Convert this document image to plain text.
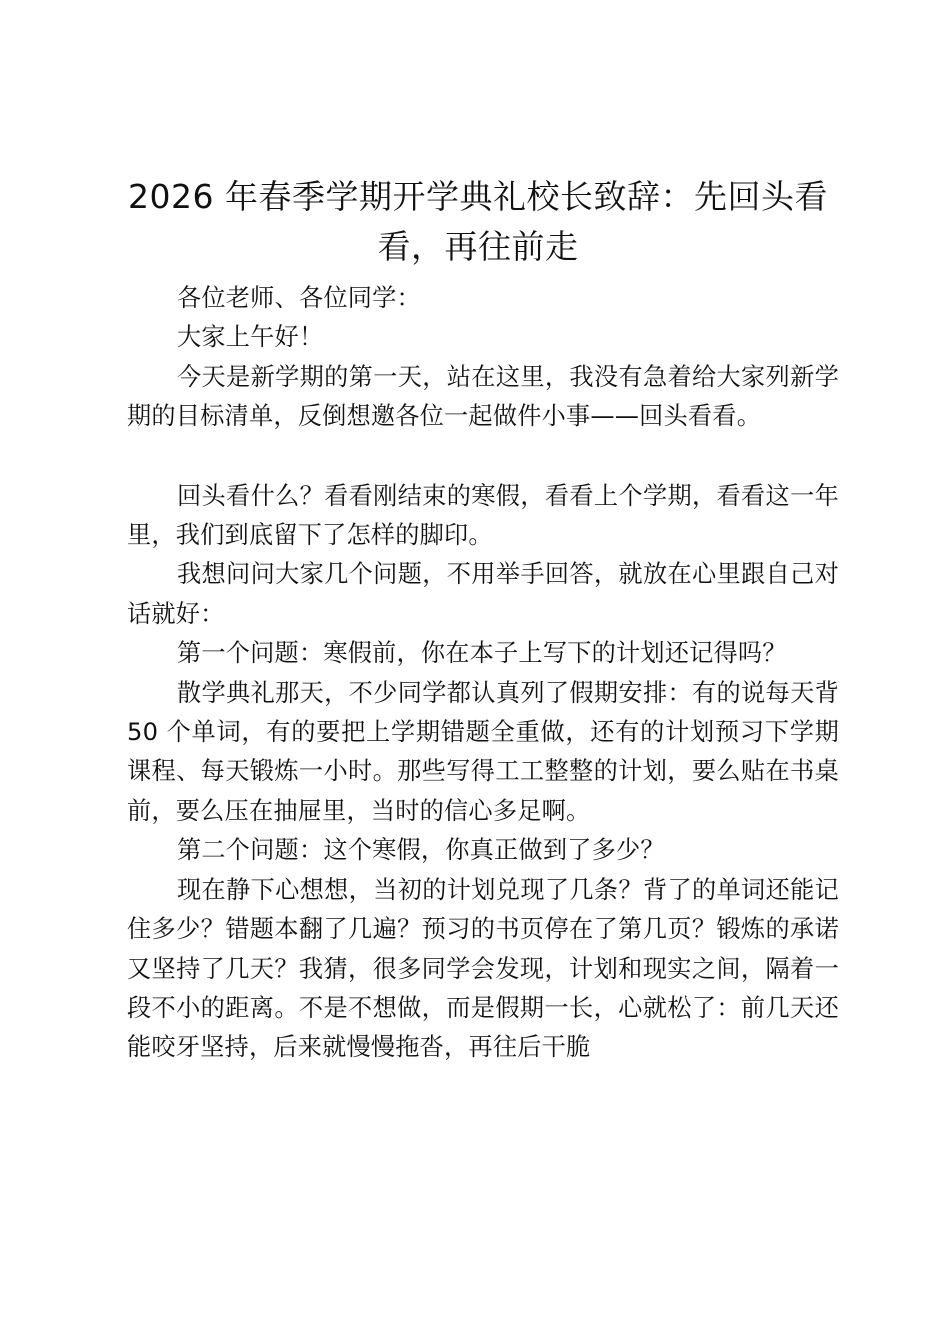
2026 年春季学期开学典礼校长致辞：先回头看看，再往前走

各位老师、各位同学：

大家上午好！

今天是新学期的第一天，站在这里，我没有急着给大家列新学期的目标清单，反倒想邀各位一起做件小事——回头看看。

回头看什么？看看刚结束的寒假，看看上个学期，看看这一年里，我们到底留下了怎样的脚印。

我想问问大家几个问题，不用举手回答，就放在心里跟自己对话就好：

第一个问题：寒假前，你在本子上写下的计划还记得吗？

散学典礼那天，不少同学都认真列了假期安排：有的说每天背 50 个单词，有的要把上学期错题全重做，还有的计划预习下学期课程、每天锻炼一小时。那些写得工工整整的计划，要么贴在书桌前，要么压在抽屉里，当时的信心多足啊。

第二个问题：这个寒假，你真正做到了多少？

现在静下心想想，当初的计划兑现了几条？背了的单词还能记住多少？错题本翻了几遍？预习的书页停在了第几页？锻炼的承诺又坚持了几天？我猜，很多同学会发现，计划和现实之间，隔着一段不小的距离。不是不想做，而是假期一长，心就松了：前几天还能咬牙坚持，后来就慢慢拖沓，再往后干脆
